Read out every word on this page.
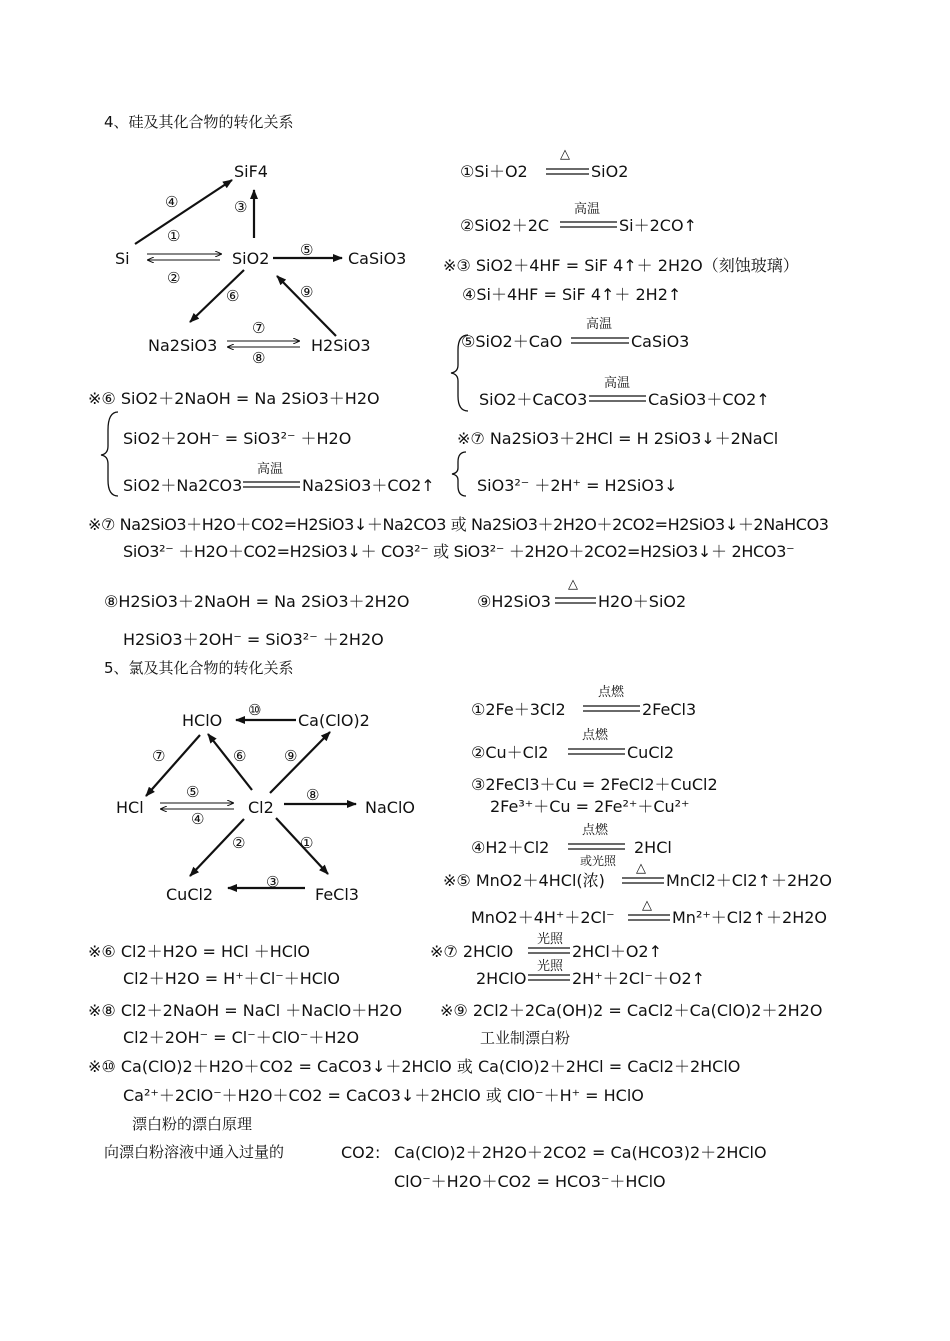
4、硅及其化合物的转化关系
SiF4
Si	SiO2	CaSiO3
Na2SiO3	H2SiO3
④	③
①
②
⑤
⑥	⑨
⑦
⑧
①Si＋O2
△
SiO2
②SiO2＋2C
高温
Si＋2CO↑
※③ SiO2＋4HF = SiF 4↑＋ 2H2O（刻蚀玻璃）
④Si＋4HF = SiF 4↑＋ 2H2↑
⑤SiO2＋CaO
高温
CaSiO3
SiO2＋CaCO3
高温
CaSiO3＋CO2↑
※⑥ SiO2＋2NaOH = Na 2SiO3＋H2O
SiO2＋2OH⁻ = SiO3²⁻ ＋H2O
SiO2＋Na2CO3
高温
Na2SiO3＋CO2↑
※⑦ Na2SiO3＋2HCl = H 2SiO3↓＋2NaCl
SiO3²⁻ ＋2H⁺ = H2SiO3↓
※⑦ Na2SiO3＋H2O＋CO2=H2SiO3↓＋Na2CO3 或 Na2SiO3＋2H2O＋2CO2=H2SiO3↓＋2NaHCO3
SiO3²⁻ ＋H2O＋CO2=H2SiO3↓＋ CO3²⁻ 或 SiO3²⁻ ＋2H2O＋2CO2=H2SiO3↓＋ 2HCO3⁻
⑧H2SiO3＋2NaOH = Na 2SiO3＋2H2O
H2SiO3＋2OH⁻ = SiO3²⁻ ＋2H2O
⑨H2SiO3
△
H2O＋SiO2
5、氯及其化合物的转化关系
HClO	Ca(ClO)2
HCl	Cl2	NaClO
CuCl2	FeCl3
⑩
⑦	⑥	⑨
⑤
④
⑧
②	①
③
①2Fe＋3Cl2
点燃
2FeCl3
②Cu＋Cl2
点燃
CuCl2
③2FeCl3＋Cu = 2FeCl2＋CuCl2
2Fe³⁺＋Cu = 2Fe²⁺＋Cu²⁺
④H2＋Cl2
点燃
或光照
2HCl
※⑤ MnO2＋4HCl(浓)
△
MnCl2＋Cl2↑＋2H2O
MnO2＋4H⁺＋2Cl⁻
△
Mn²⁺＋Cl2↑＋2H2O
※⑥ Cl2＋H2O = HCl ＋HClO
Cl2＋H2O = H⁺＋Cl⁻＋HClO
※⑦ 2HClO
光照
2HCl＋O2↑
2HClO
光照
2H⁺＋2Cl⁻＋O2↑
※⑧ Cl2＋2NaOH = NaCl ＋NaClO＋H2O
Cl2＋2OH⁻ = Cl⁻＋ClO⁻＋H2O
※⑨ 2Cl2＋2Ca(OH)2 = CaCl2＋Ca(ClO)2＋2H2O
工业制漂白粉
※⑩ Ca(ClO)2＋H2O＋CO2 = CaCO3↓＋2HClO 或 Ca(ClO)2＋2HCl = CaCl2＋2HClO
Ca²⁺＋2ClO⁻＋H2O＋CO2 = CaCO3↓＋2HClO 或 ClO⁻＋H⁺ = HClO
漂白粉的漂白原理
向漂白粉溶液中通入过量的	CO2: Ca(ClO)2＋2H2O＋2CO2 = Ca(HCO3)2＋2HClO
ClO⁻＋H2O＋CO2 = HCO3⁻＋HClO
